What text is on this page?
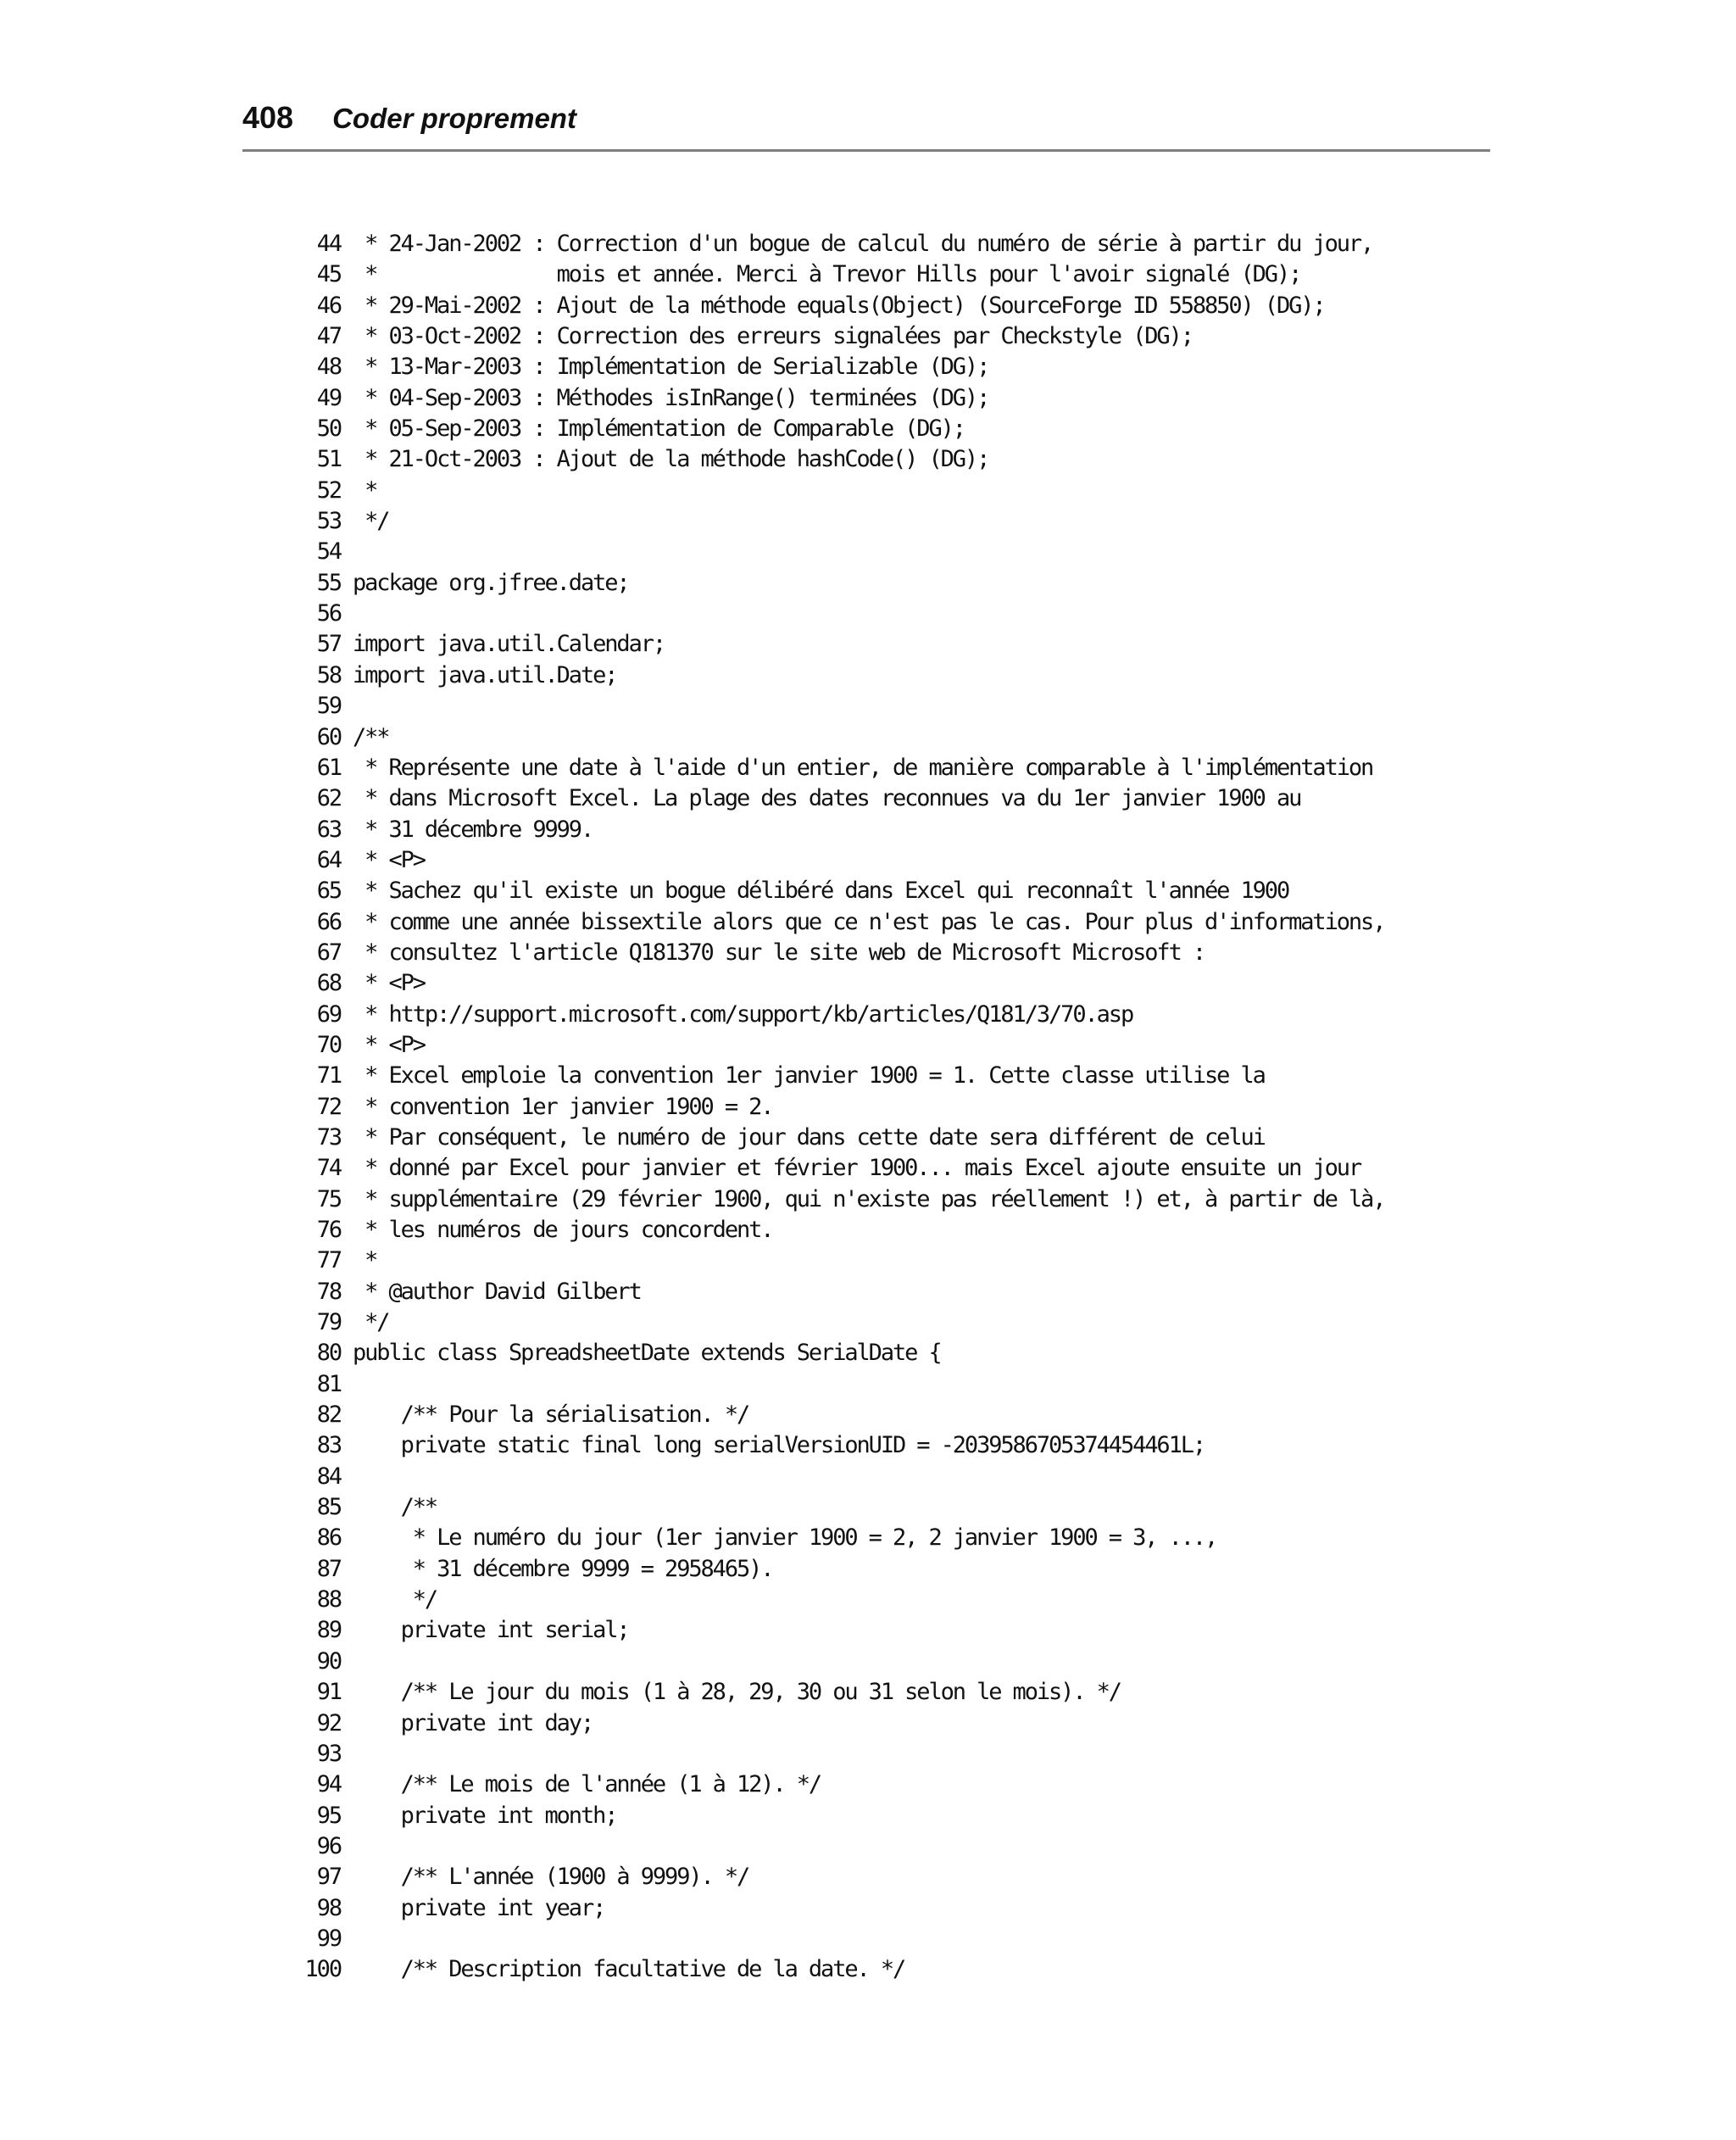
408 Coder proprement
44 * 24-Jan-2002 : Correction d'un bogue de calcul du numéro de série à partir du jour,
45 *               mois et année. Merci à Trevor Hills pour l'avoir signalé (DG);
46 * 29-Mai-2002 : Ajout de la méthode equals(Object) (SourceForge ID 558850) (DG);
47 * 03-Oct-2002 : Correction des erreurs signalées par Checkstyle (DG);
48 * 13-Mar-2003 : Implémentation de Serializable (DG);
49 * 04-Sep-2003 : Méthodes isInRange() terminées (DG);
50 * 05-Sep-2003 : Implémentation de Comparable (DG);
51 * 21-Oct-2003 : Ajout de la méthode hashCode() (DG);
52 *
53 */
54
55 package org.jfree.date;
56
57 import java.util.Calendar;
58 import java.util.Date;
59
60 /**
61 * Représente une date à l'aide d'un entier, de manière comparable à l'implémentation
62 * dans Microsoft Excel. La plage des dates reconnues va du 1er janvier 1900 au
63 * 31 décembre 9999.
64 * <P>
65 * Sachez qu'il existe un bogue délibéré dans Excel qui reconnaît l'année 1900
66 * comme une année bissextile alors que ce n'est pas le cas. Pour plus d'informations,
67 * consultez l'article Q181370 sur le site web de Microsoft Microsoft :
68 * <P>
69 * http://support.microsoft.com/support/kb/articles/Q181/3/70.asp
70 * <P>
71 * Excel emploie la convention 1er janvier 1900 = 1. Cette classe utilise la
72 * convention 1er janvier 1900 = 2.
73 * Par conséquent, le numéro de jour dans cette date sera différent de celui
74 * donné par Excel pour janvier et février 1900... mais Excel ajoute ensuite un jour
75 * supplémentaire (29 février 1900, qui n'existe pas réellement !) et, à partir de là,
76 * les numéros de jours concordent.
77 *
78 * @author David Gilbert
79 */
80 public class SpreadsheetDate extends SerialDate {
81
82 /** Pour la sérialisation. */
83 private static final long serialVersionUID = -2039586705374454461L;
84
85 /**
86 * Le numéro du jour (1er janvier 1900 = 2, 2 janvier 1900 = 3, ...,
87 * 31 décembre 9999 = 2958465).
88 */
89 private int serial;
90
91 /** Le jour du mois (1 à 28, 29, 30 ou 31 selon le mois). */
92 private int day;
93
94 /** Le mois de l'année (1 à 12). */
95 private int month;
96
97 /** L'année (1900 à 9999). */
98 private int year;
99
100 /** Description facultative de la date. */
